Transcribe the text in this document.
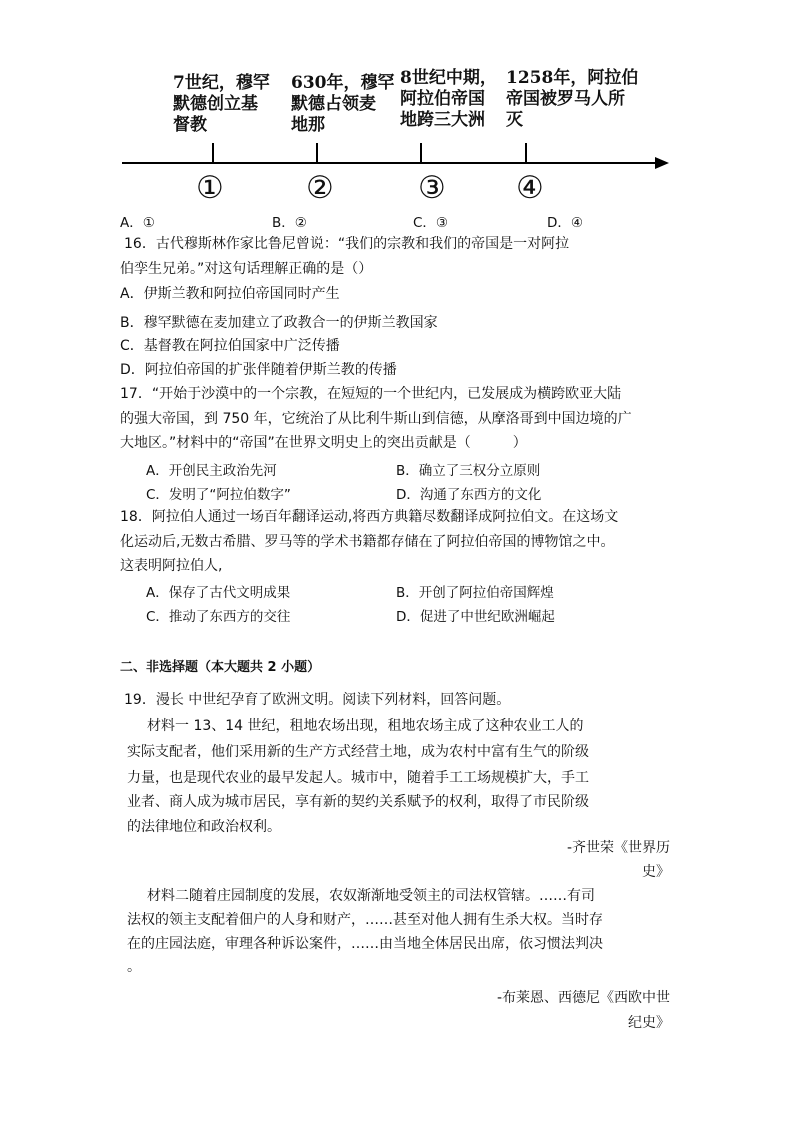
7世纪，穆罕
默德创立基
督教
630年，穆罕
默德占领麦
地那
8世纪中期，
阿拉伯帝国
地跨三大洲
1258年，阿拉伯
帝国被罗马人所
灭
①	②	③ ④
A．①	B．②	C．③	D．④
16．古代穆斯林作家比鲁尼曾说：“我们的宗教和我们的帝国是一对阿拉
伯孪生兄弟。”对这句话理解正确的是（）
A．伊斯兰教和阿拉伯帝国同时产生
B．穆罕默德在麦加建立了政教合一的伊斯兰教国家
C．基督教在阿拉伯国家中广泛传播
D．阿拉伯帝国的扩张伴随着伊斯兰教的传播
17．“开始于沙漠中的一个宗教，在短短的一个世纪内，已发展成为横跨欧亚大陆
的强大帝国，到 750 年，它统治了从比利牛斯山到信德，从摩洛哥到中国边境的广
大地区。”材料中的“帝国”在世界文明史上的突出贡献是（　　　）
A．开创民主政治先河	B．确立了三权分立原则
C．发明了“阿拉伯数字”	D．沟通了东西方的文化
18．阿拉伯人通过一场百年翻译运动,将西方典籍尽数翻译成阿拉伯文。在这场文
化运动后,无数古希腊、罗马等的学术书籍都存储在了阿拉伯帝国的博物馆之中。
这表明阿拉伯人,
A．保存了古代文明成果	B．开创了阿拉伯帝国辉煌
C．推动了东西方的交往	D．促进了中世纪欧洲崛起
二、非选择题（本大题共 2 小题）
19．漫长 中世纪孕育了欧洲文明。阅读下列材料，回答问题。
材料一 13、14 世纪，租地农场出现，租地农场主成了这种农业工人的
实际支配者，他们采用新的生产方式经营土地，成为农村中富有生气的阶级
力量，也是现代农业的最早发起人。城市中，随着手工工场规模扩大，手工
业者、商人成为城市居民，享有新的契约关系赋予的权利，取得了市民阶级
的法律地位和政治权利。
-齐世荣《世界历
史》
材料二随着庄园制度的发展，农奴渐渐地受领主的司法权管辖。……有司
法权的领主支配着佃户的人身和财产，……甚至对他人拥有生杀大权。当时存
在的庄园法庭，审理各种诉讼案件，……由当地全体居民出席，依习惯法判决
。
-布莱恩、西德尼《西欧中世
纪史》
